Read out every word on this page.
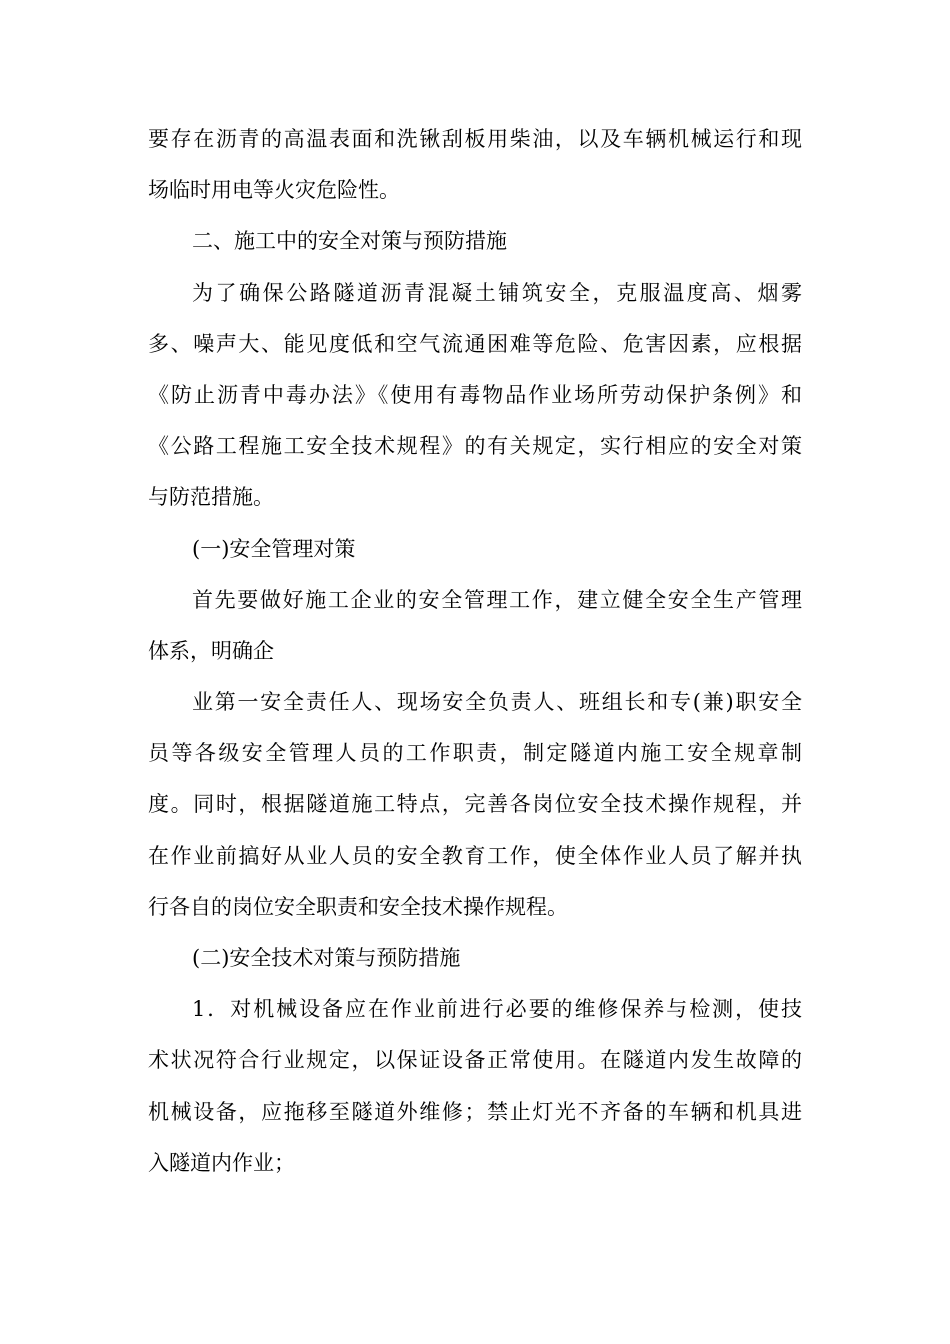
要存在沥青的高温表面和洗锹刮板用柴油，以及车辆机械运行和现
场临时用电等火灾危险性。
二、施工中的安全对策与预防措施
为了确保公路隧道沥青混凝土铺筑安全，克服温度高、烟雾
多、噪声大、能见度低和空气流通困难等危险、危害因素，应根据
《防止沥青中毒办法》《使用有毒物品作业场所劳动保护条例》和
《公路工程施工安全技术规程》的有关规定，实行相应的安全对策
与防范措施。
(一)安全管理对策
首先要做好施工企业的安全管理工作，建立健全安全生产管理
体系，明确企
业第一安全责任人、现场安全负责人、班组长和专(兼)职安全
员等各级安全管理人员的工作职责，制定隧道内施工安全规章制
度。同时，根据隧道施工特点，完善各岗位安全技术操作规程，并
在作业前搞好从业人员的安全教育工作，使全体作业人员了解并执
行各自的岗位安全职责和安全技术操作规程。
(二)安全技术对策与预防措施
1．对机械设备应在作业前进行必要的维修保养与检测，使技
术状况符合行业规定，以保证设备正常使用。在隧道内发生故障的
机械设备，应拖移至隧道外维修；禁止灯光不齐备的车辆和机具进
入隧道内作业；
